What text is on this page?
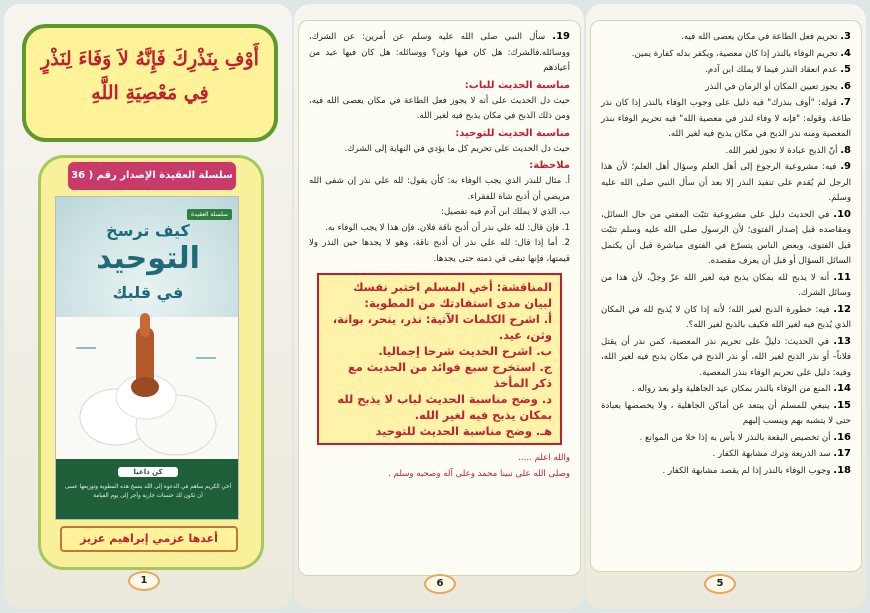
أَوْفِ بِنَذْرِكَ فَإِنَّهُ لاَ وَفَاءَ لِنَذْرٍ
فِي مَعْصِيَةِ اللَّهِ
سلسلة العقيدة الإصدار رقم ( 36
سلسلة العقيدة
كيف ترسخ
التوحيد
في قلبك
كن داعيا
أخي الكريم ساهم في الدعوة إلى الله بنسخ هذه المطوية وتوزيعها عسى أن تكون لك حسنات جارية وأجر إلى يوم القيامة
أعدها عزمي إبراهيم عزيز
1

19. سأل النبي صلى الله عليه وسلم عن أمرين: عن الشرك، ووسائله.فالشرك: هل كان فيها وثن؟ ووسائله: هل كان فيها عيد من أعيادهم

مناسبة الحديث للباب:

حيث دل الحديث على أنه لا يجوز فعل الطاعة في مكان يعصى الله فيه، ومن ذلك الذبح في مكان يذبح فيه لغير الله.

مناسبة الحديث للتوحيد:

حيث دل الحديث على تحريم كل ما يؤدي في النهاية إلى الشرك.

ملاحظة:

أ. مثال للنذر الذي يجب الوفاء به: كأن يقول: لله علي نذر إن شفى الله مريضي أن أذبح شاة للفقراء.

ب. الذي لا يملك ابن آدم فيه تفصيل:

1. فإن قال: لله علي نذر أن أذبح ناقة فلان. فإن هذا لا يجب الوفاء به.

2. أما إذا قال: لله علي نذر أن أذبح ناقة، وهو لا يجدها حين النذر ولا قيمتها، فإنها تبقى في ذمته حتى يجدها.

المناقشة: أخي المسلم اختبر نفسك لبيان مدى استفادتك من المطوية:

أ. اشرح الكلمات الآتية: نذر، ينحر، بوانة، وثن، عيد.

ب. اشرح الحديث شرحا إجماليا.

ج. استخرج سبع فوائد من الحديث مع ذكر المأخذ

د. وضح مناسبة الحديث لباب لا يذبح لله بمكان يذبح فيه لغير الله.

هـ. وضح مناسبة الحديث للتوحيد

والله اعلم .....

وصلى الله على نبينا محمد وعلى آله وصحبه وسلم .

6

3. تحريم فعل الطاعة في مكان يعصى الله فيه.

4. تحريم الوفاء بالنذر إذا كان معصية، ويكفر بدله كفارة يمين.

5. عدم انعقاد النذر فيما لا يملك ابن آدم.

6. يجوز تعيين المكان أو الزمان في النذر

7. قوله: "أوف بنذرك" فيه دليل على وجوب الوفاء بالنذر إذا كان نذر طاعة. وقوله: "فإنه لا وفاء لنذر في معصية الله" فيه تحريم الوفاء بنذر المعصية ومنه نذر الذبح في مكان يذبح فيه لغير الله.

8. أنّ الذبح عبادة لا تجوز لغير الله.

9. فيه: مشروعية الرجوع إلى أهل العلم وسؤال أهل العلم؛ لأن هذا الرجل لم يُقدم على تنفيذ النذر إلا بعد أن سأل النبي صلى الله عليه وسلم.

10. في الحديث دليل على مشروعية تثبّت المفتي من حال السائل، ومقاصده قبل إصدار الفتوى؛ لأن الرسول صلى الله عليه وسلم تثبّت قبل الفتوى، وبعض الناس يتسرّع في الفتوى مباشرة قبل أن يكتمل السائل السؤال أو قبل أن يعرف مقصده.

11. أنه لا يذبح لله بمكان يذبح فيه لغير الله عزّ وجلّ، لأن هذا من وسائل الشرك.

12. فيه: خطورة الذبح لغير الله؛ لأنه إذا كان لا يُذبح لله في المكان الذي يُذبح فيه لغير الله فكيف بالذبح لغير الله؟.

13. في الحديث: دليلٌ على تحريم نذر المعصية، كمن نذر أن يقتل فلاناً– أو نذر الذبح لغير الله، أو نذر الذبح في مكان يذبح فيه لغير الله، وفيه: دليل على تحريم الوفاء بنذر المعصية.

14. المنع من الوفاء بالنذر بمكان عيد الجاهلية ولو بعد زواله .

15. ينبغي للمسلم أن يبتعد عن أماكن الجاهلية ، ولا يخصصها بعبادة حتى لا يتشبه بهم وينسب إليهم

16. أن تخصيص البقعة بالنذر لا بأس به إذا خلا من الموانع .

17. سد الذريعة وترك مشابهة الكفار .

18. وجوب الوفاء بالنذر إذا لم يقصد مشابهة الكفار .

5
